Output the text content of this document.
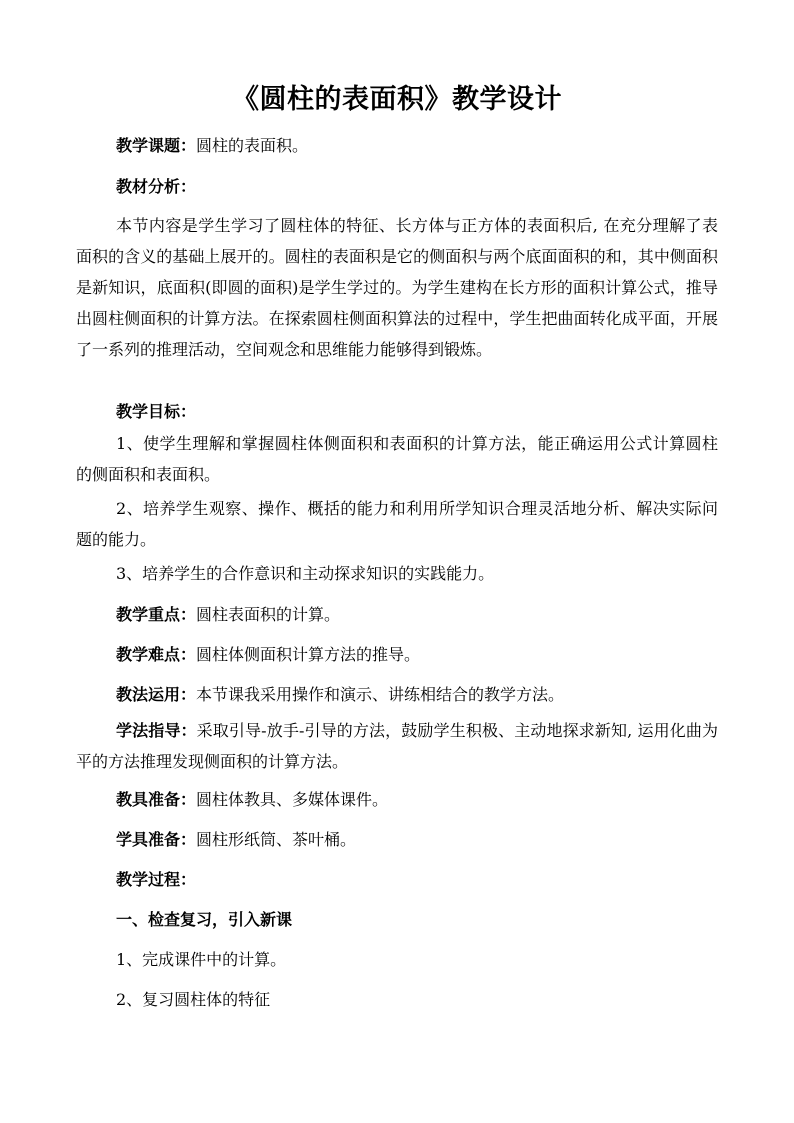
《圆柱的表面积》教学设计

教学课题：圆柱的表面积。

教材分析：

本节内容是学生学习了圆柱体的特征、长方体与正方体的表面积后, 在充分理解了表面积的含义的基础上展开的。圆柱的表面积是它的侧面积与两个底面面积的和，其中侧面积是新知识，底面积(即圆的面积)是学生学过的。为学生建构在长方形的面积计算公式，推导出圆柱侧面积的计算方法。在探索圆柱侧面积算法的过程中，学生把曲面转化成平面，开展了一系列的推理活动，空间观念和思维能力能够得到锻炼。

教学目标：

1、使学生理解和掌握圆柱体侧面积和表面积的计算方法，能正确运用公式计算圆柱的侧面积和表面积。

2、培养学生观察、操作、概括的能力和利用所学知识合理灵活地分析、解决实际问题的能力。

3、培养学生的合作意识和主动探求知识的实践能力。

教学重点：圆柱表面积的计算。

教学难点：圆柱体侧面积计算方法的推导。

教法运用：本节课我采用操作和演示、讲练相结合的教学方法。

学法指导：采取引导-放手-引导的方法，鼓励学生积极、主动地探求新知, 运用化曲为平的方法推理发现侧面积的计算方法。

教具准备：圆柱体教具、多媒体课件。

学具准备：圆柱形纸筒、茶叶桶。

教学过程：

一、检查复习，引入新课

1、完成课件中的计算。

2、复习圆柱体的特征
